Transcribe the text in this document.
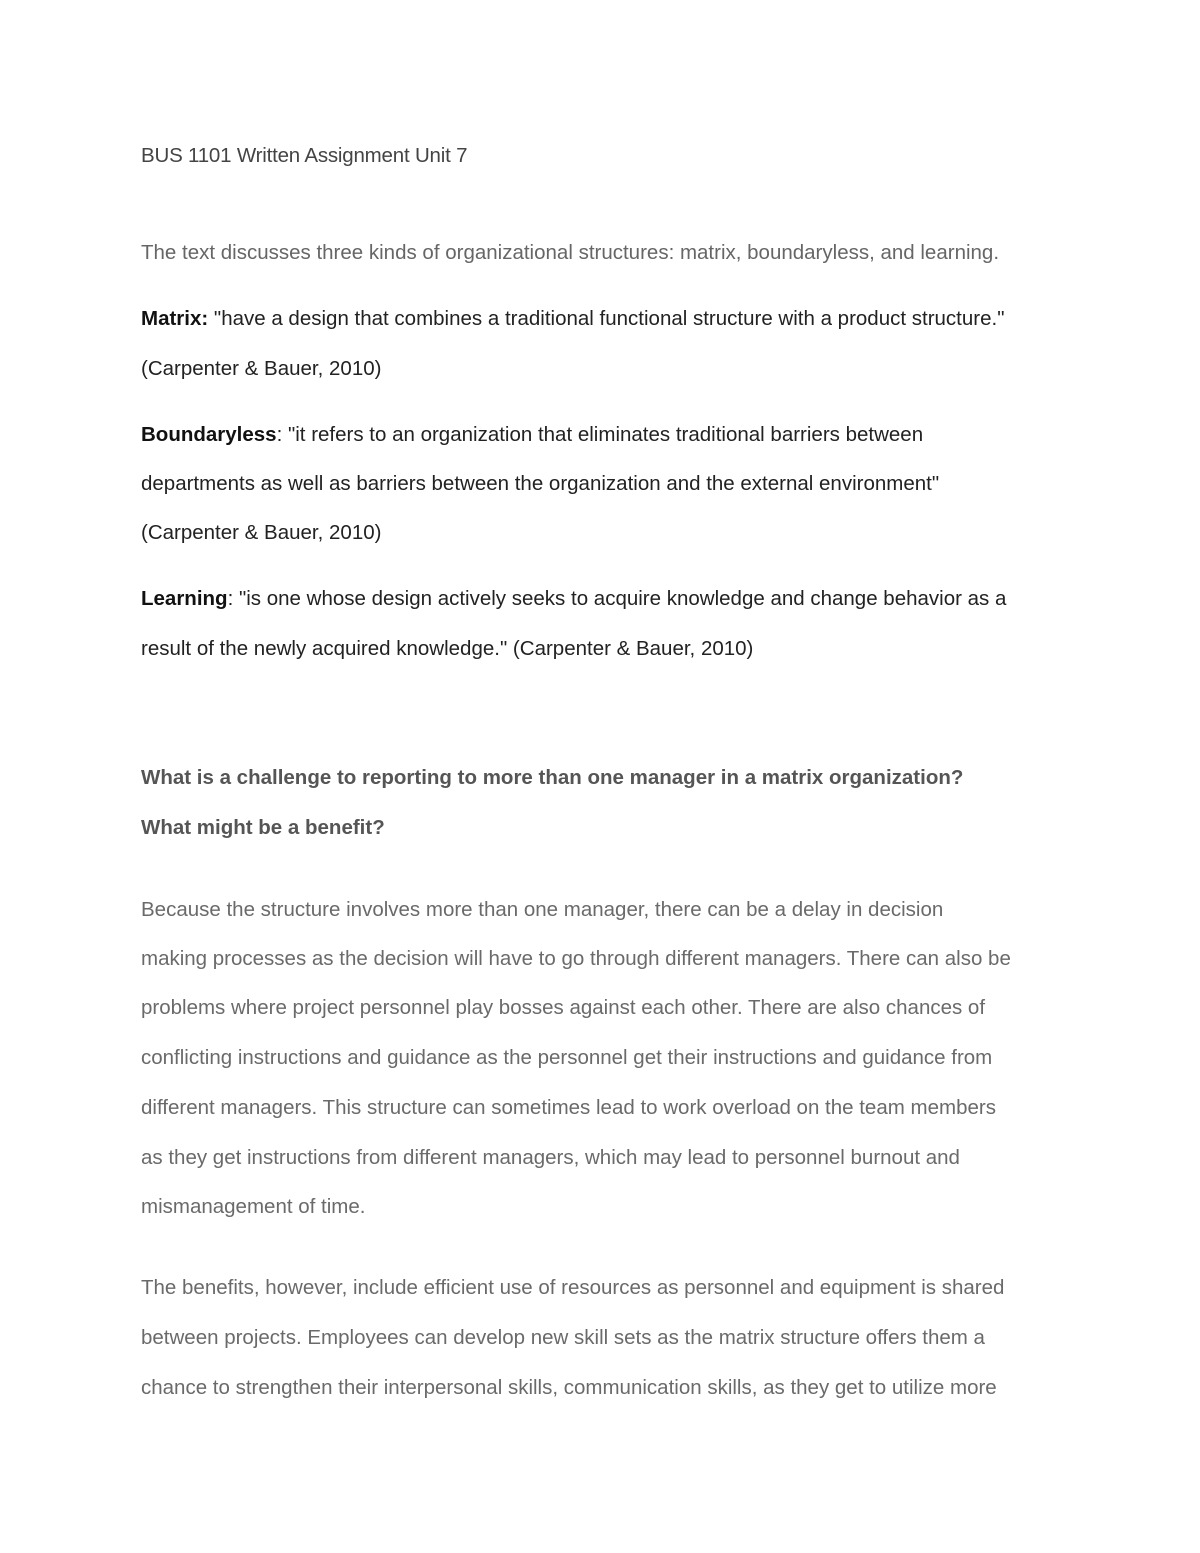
BUS 1101 Written Assignment Unit 7
The text discusses three kinds of organizational structures: matrix, boundaryless, and learning.
Matrix: "have a design that combines a traditional functional structure with a product structure."
(Carpenter & Bauer, 2010)
Boundaryless: "it refers to an organization that eliminates traditional barriers between
departments as well as barriers between the organization and the external environment"
(Carpenter & Bauer, 2010)
Learning: "is one whose design actively seeks to acquire knowledge and change behavior as a
result of the newly acquired knowledge." (Carpenter & Bauer, 2010)
What is a challenge to reporting to more than one manager in a matrix organization?
What might be a benefit?
Because the structure involves more than one manager, there can be a delay in decision
making processes as the decision will have to go through different managers. There can also be
problems where project personnel play bosses against each other. There are also chances of
conflicting instructions and guidance as the personnel get their instructions and guidance from
different managers. This structure can sometimes lead to work overload on the team members
as they get instructions from different managers, which may lead to personnel burnout and
mismanagement of time.
The benefits, however, include efficient use of resources as personnel and equipment is shared
between projects. Employees can develop new skill sets as the matrix structure offers them a
chance to strengthen their interpersonal skills, communication skills, as they get to utilize more
